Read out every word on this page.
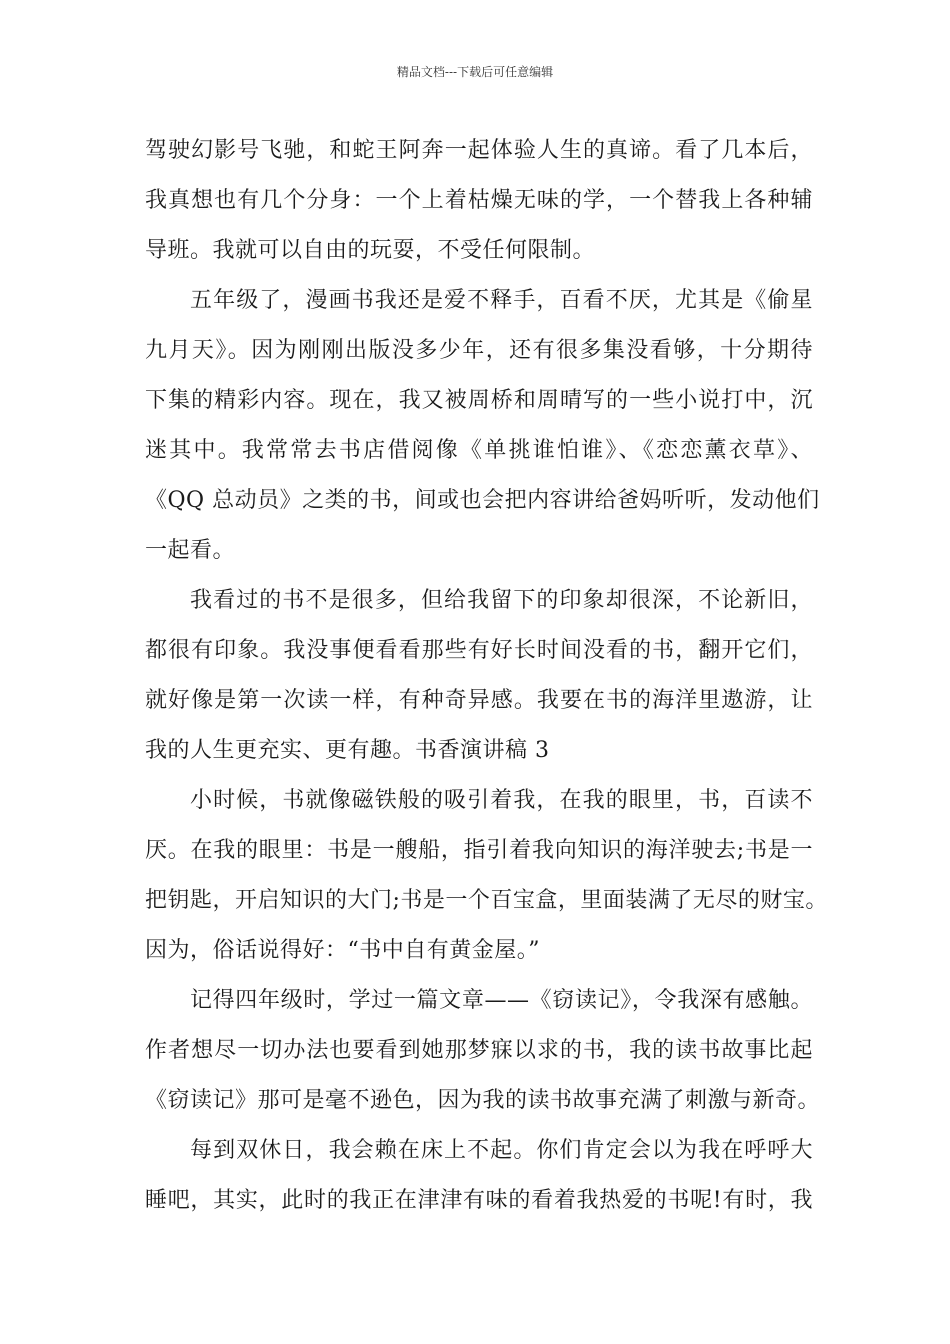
精品文档---下载后可任意编辑
驾驶幻影号飞驰，和蛇王阿奔一起体验人生的真谛。看了几本后，
我真想也有几个分身：一个上着枯燥无味的学，一个替我上各种辅
导班。我就可以自由的玩耍，不受任何限制。
五年级了，漫画书我还是爱不释手，百看不厌，尤其是《偷星
九月天》。因为刚刚出版没多少年，还有很多集没看够，十分期待
下集的精彩内容。现在，我又被周桥和周晴写的一些小说打中，沉
迷其中。我常常去书店借阅像《单挑谁怕谁》、《恋恋薰衣草》、
《QQ 总动员》之类的书，间或也会把内容讲给爸妈听听，发动他们
一起看。
我看过的书不是很多，但给我留下的印象却很深，不论新旧，
都很有印象。我没事便看看那些有好长时间没看的书，翻开它们，
就好像是第一次读一样，有种奇异感。我要在书的海洋里遨游，让
我的人生更充实、更有趣。书香演讲稿 3
小时候，书就像磁铁般的吸引着我，在我的眼里，书，百读不
厌。在我的眼里：书是一艘船，指引着我向知识的海洋驶去;书是一
把钥匙，开启知识的大门;书是一个百宝盒，里面装满了无尽的财宝。
因为，俗话说得好：“书中自有黄金屋。”
记得四年级时，学过一篇文章——《窃读记》，令我深有感触。
作者想尽一切办法也要看到她那梦寐以求的书，我的读书故事比起
《窃读记》那可是毫不逊色，因为我的读书故事充满了刺激与新奇。
每到双休日，我会赖在床上不起。你们肯定会以为我在呼呼大
睡吧，其实，此时的我正在津津有味的看着我热爱的书呢!有时，我
